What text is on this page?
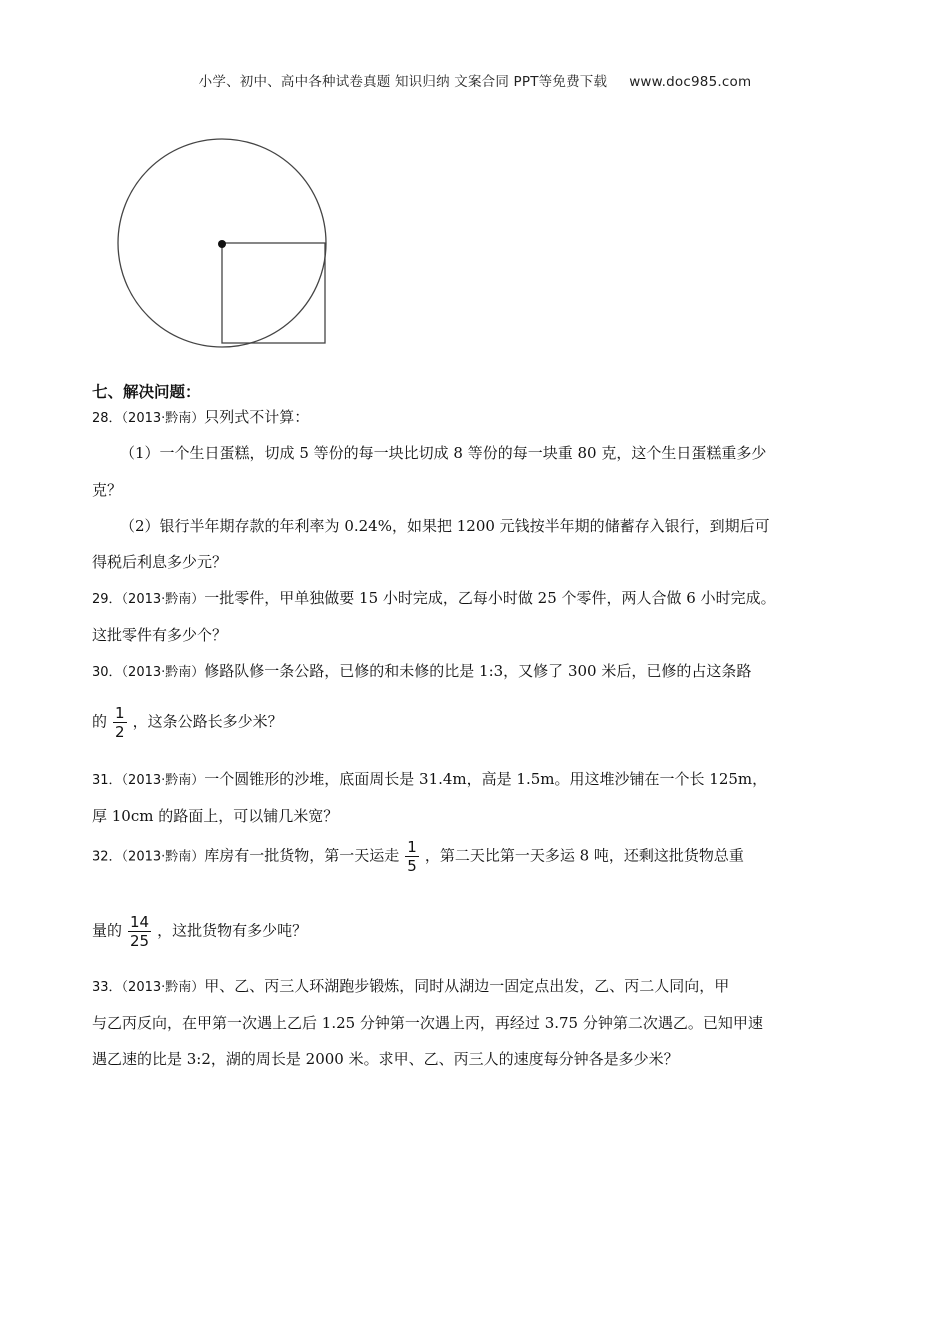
小学、初中、高中各种试卷真题 知识归纳 文案合同 PPT等免费下载 www.doc985.com
七、解决问题：
28．（2013·黔南）只列式不计算：
（1）一个生日蛋糕，切成 5 等份的每一块比切成 8 等份的每一块重 80 克，这个生日蛋糕重多少
克？
（2）银行半年期存款的年利率为 0.24%，如果把 1200 元钱按半年期的储蓄存入银行，到期后可
得税后利息多少元？
29．（2013·黔南）一批零件，甲单独做要 15 小时完成，乙每小时做 25 个零件，两人合做 6 小时完成。
这批零件有多少个？
30．（2013·黔南）修路队修一条公路，已修的和未修的比是 1:3，又修了 300 米后，已修的占这条路
的 $\frac{1}{2}$ ，这条公路长多少米？
31．（2013·黔南）一个圆锥形的沙堆，底面周长是 31.4m，高是 1.5m。用这堆沙铺在一个长 125m，
厚 10cm 的路面上，可以铺几米宽？
32．（2013·黔南）库房有一批货物，第一天运走 $\frac{1}{5}$ ，第二天比第一天多运 8 吨，还剩这批货物总重
量的 $\frac{14}{25}$ ，这批货物有多少吨？
33．（2013·黔南）甲、乙、丙三人环湖跑步锻炼，同时从湖边一固定点出发，乙、丙二人同向，甲
与乙丙反向，在甲第一次遇上乙后 1.25 分钟第一次遇上丙，再经过 3.75 分钟第二次遇乙。已知甲速
遇乙速的比是 3:2，湖的周长是 2000 米。求甲、乙、丙三人的速度每分钟各是多少米？
